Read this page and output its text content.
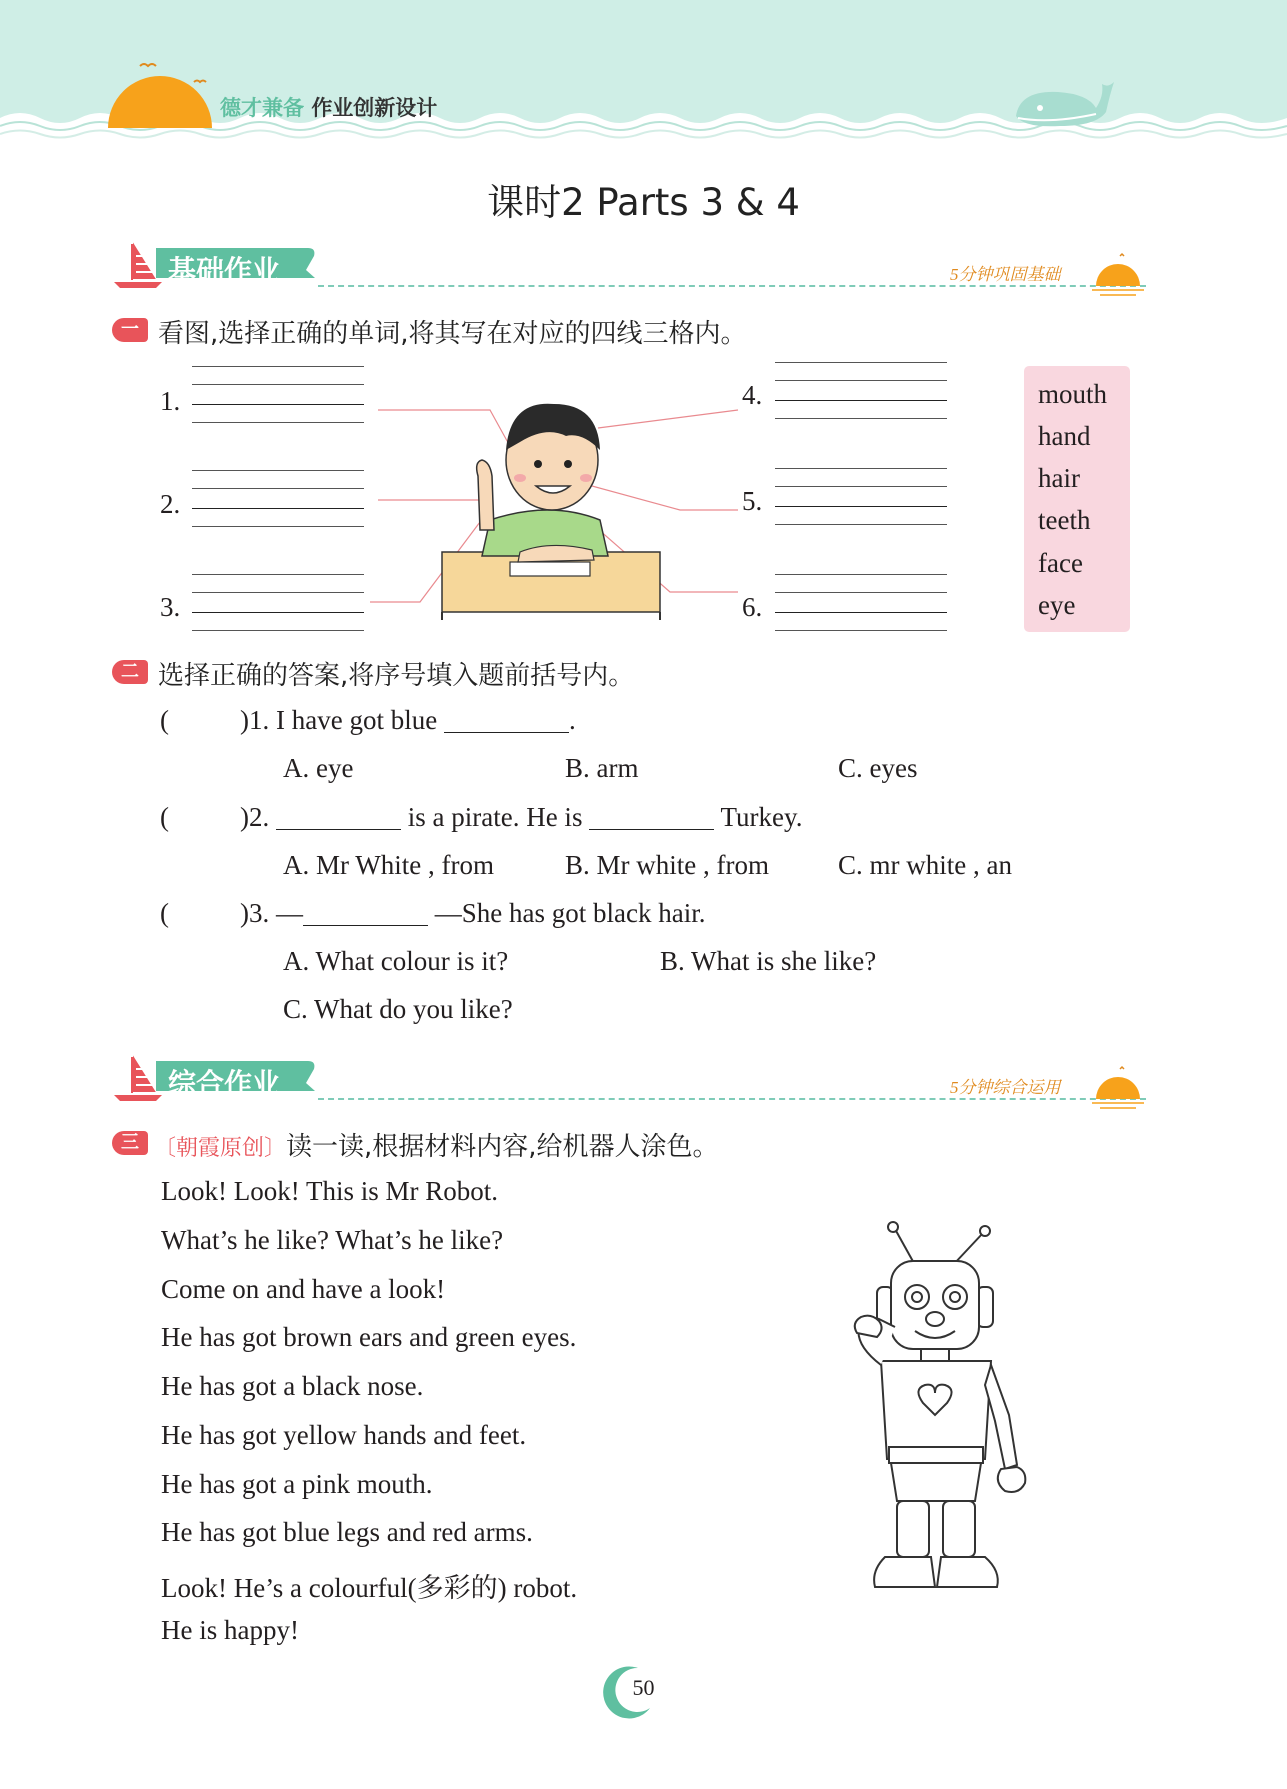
德才兼备 作业创新设计
课时2 Parts 3 & 4
基础作业	5分钟巩固基础
一 看图,选择正确的单词,将其写在对应的四线三格内。
1.
2.
3.
4.
5.
6.
mouth
hand
hair
teeth
face
eye
二 选择正确的答案,将序号填入题前括号内。
(	)1. I have got blue	.
A. eye	B. arm	C. eyes
(	)2.	is a pirate. He is	Turkey.
A. Mr White , from	B. Mr white , from	C. mr white , an
(	)3. —	—She has got black hair.
A. What colour is it?	B. What is she like?
C. What do you like?
综合作业	5分钟综合运用
三 〔朝霞原创〕读一读,根据材料内容,给机器人涂色。
Look! Look! This is Mr Robot.
What’s he like? What’s he like?
Come on and have a look!
He has got brown ears and green eyes.
He has got a black nose.
He has got yellow hands and feet.
He has got a pink mouth.
He has got blue legs and red arms.
Look! He’s a colourful(多彩的) robot.
He is happy!
50
